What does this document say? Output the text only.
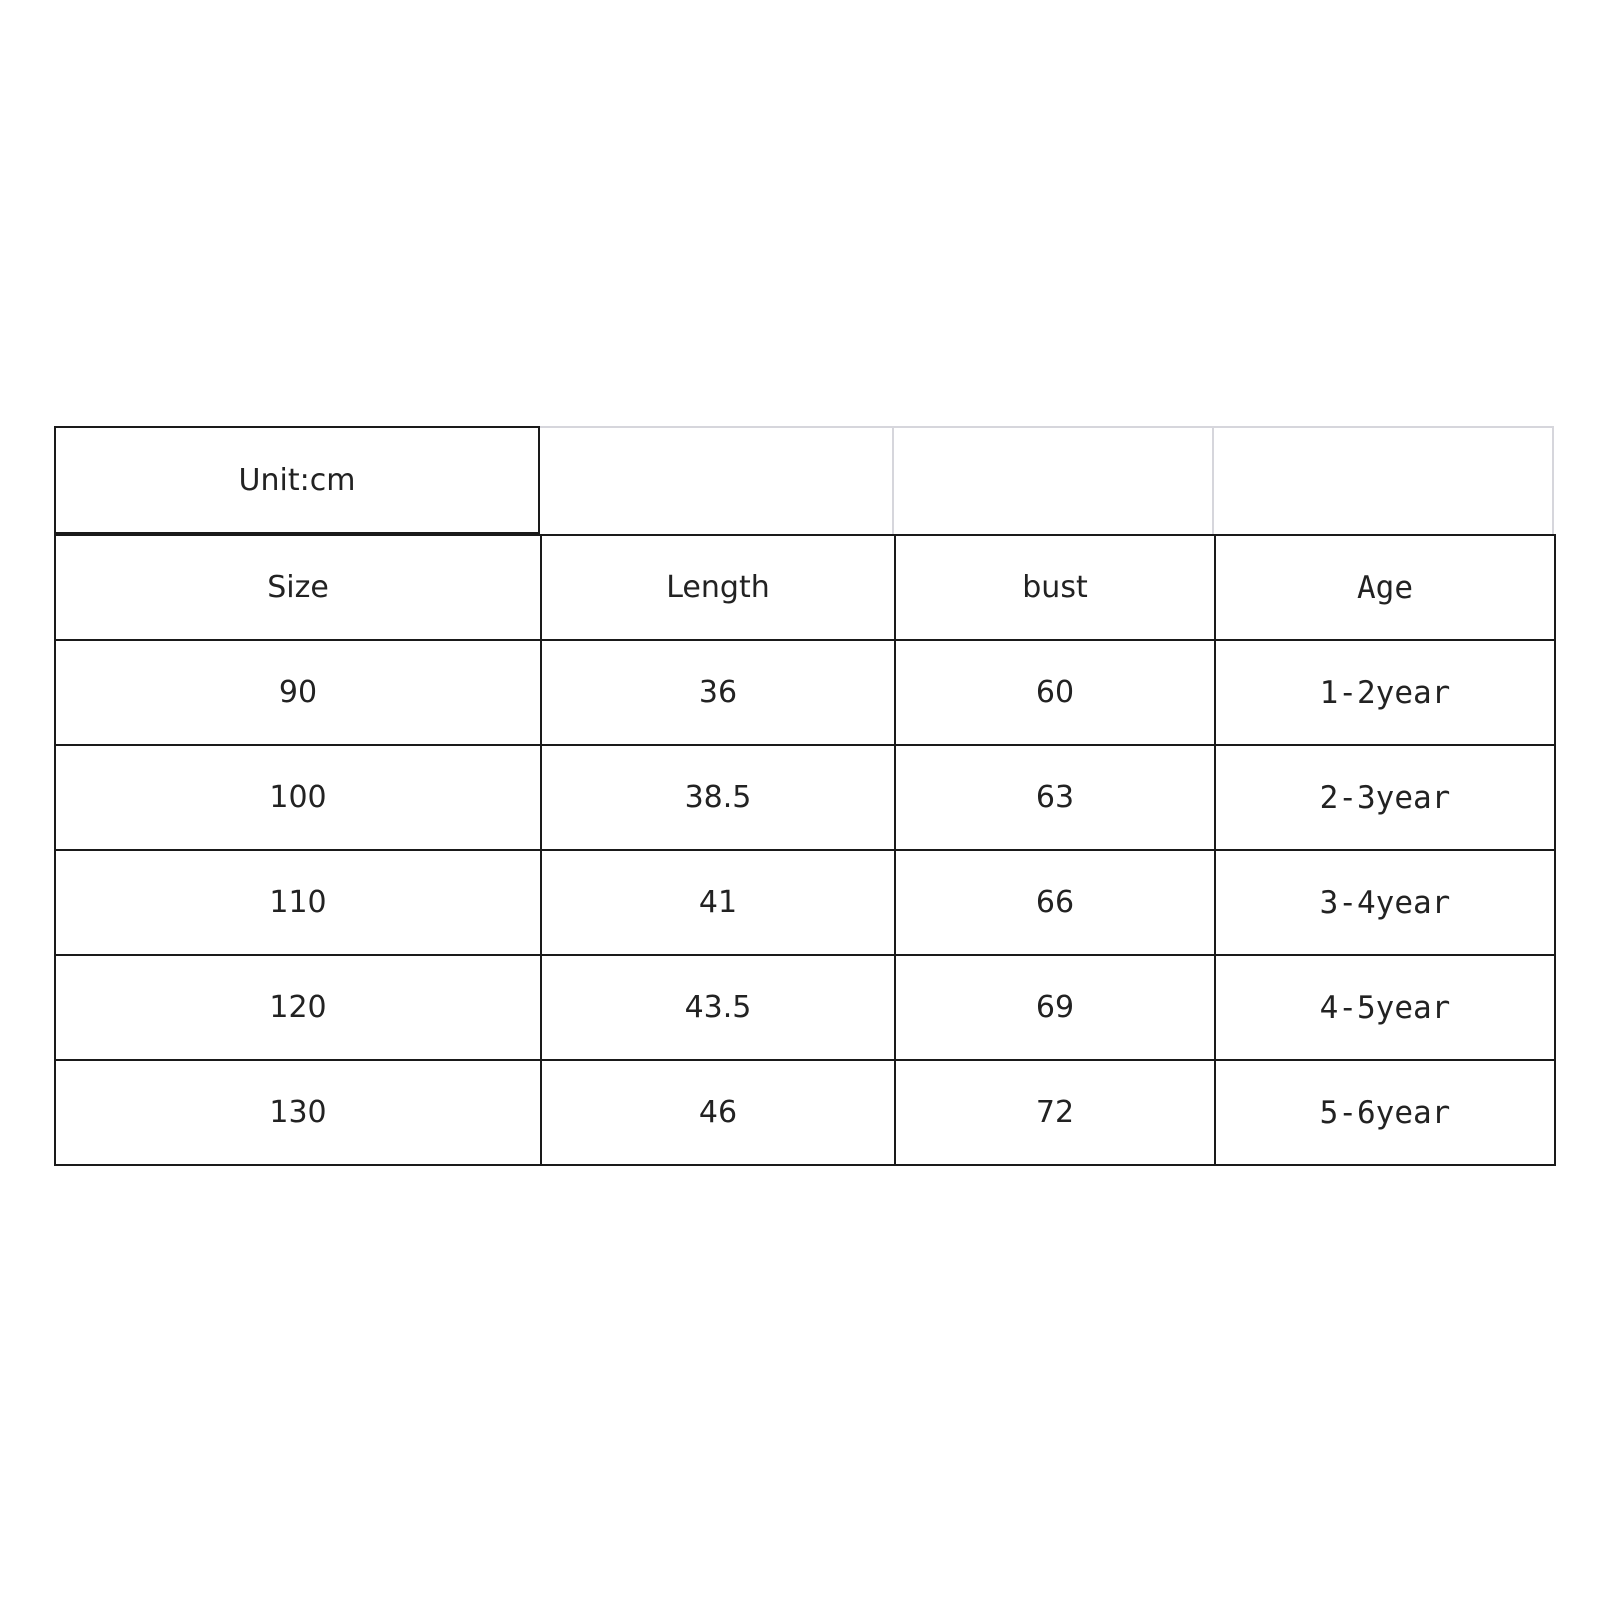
Unit:cm
Size	Length	bust	Age
90	36	60	1-2year
100	38.5	63	2-3year
110	41	66	3-4year
120	43.5	69	4-5year
130	46	72	5-6year
